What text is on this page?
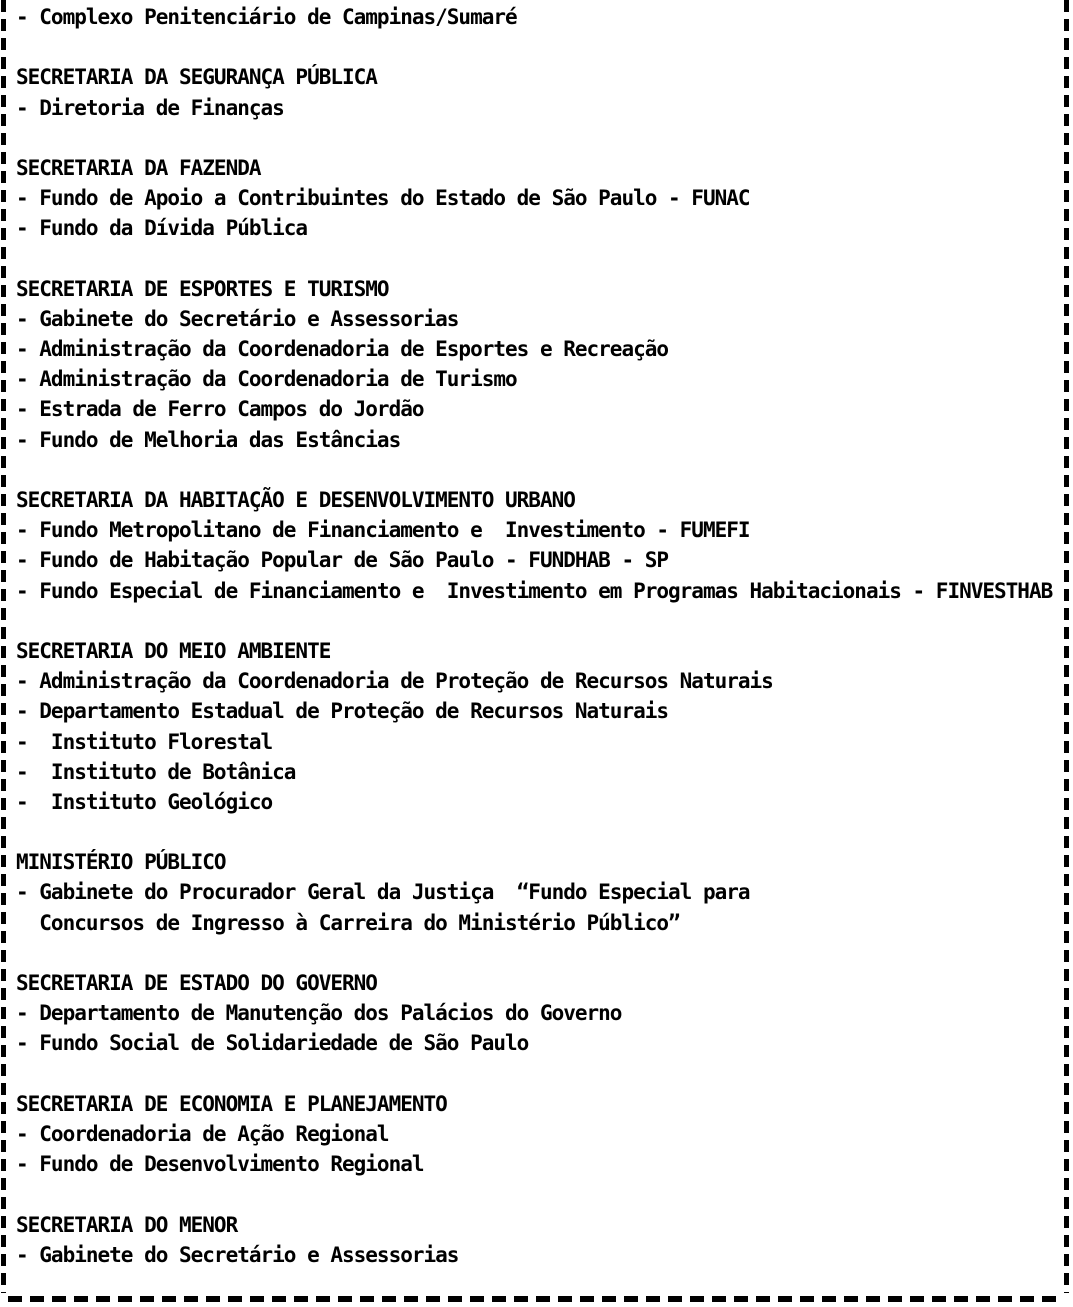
- Complexo Penitenciário de Campinas/Sumaré
SECRETARIA DA SEGURANÇA PÚBLICA
- Diretoria de Finanças
SECRETARIA DA FAZENDA
- Fundo de Apoio a Contribuintes do Estado de São Paulo - FUNAC
- Fundo da Dívida Pública
SECRETARIA DE ESPORTES E TURISMO
- Gabinete do Secretário e Assessorias
- Administração da Coordenadoria de Esportes e Recreação
- Administração da Coordenadoria de Turismo
- Estrada de Ferro Campos do Jordão
- Fundo de Melhoria das Estâncias
SECRETARIA DA HABITAÇÃO E DESENVOLVIMENTO URBANO
- Fundo Metropolitano de Financiamento e  Investimento - FUMEFI
- Fundo de Habitação Popular de São Paulo - FUNDHAB - SP
- Fundo Especial de Financiamento e  Investimento em Programas Habitacionais - FINVESTHAB
SECRETARIA DO MEIO AMBIENTE
- Administração da Coordenadoria de Proteção de Recursos Naturais
- Departamento Estadual de Proteção de Recursos Naturais
-  Instituto Florestal
-  Instituto de Botânica
-  Instituto Geológico
MINISTÉRIO PÚBLICO
- Gabinete do Procurador Geral da Justiça  “Fundo Especial para
Concursos de Ingresso à Carreira do Ministério Público”
SECRETARIA DE ESTADO DO GOVERNO
- Departamento de Manutenção dos Palácios do Governo
- Fundo Social de Solidariedade de São Paulo
SECRETARIA DE ECONOMIA E PLANEJAMENTO
- Coordenadoria de Ação Regional
- Fundo de Desenvolvimento Regional
SECRETARIA DO MENOR
- Gabinete do Secretário e Assessorias
